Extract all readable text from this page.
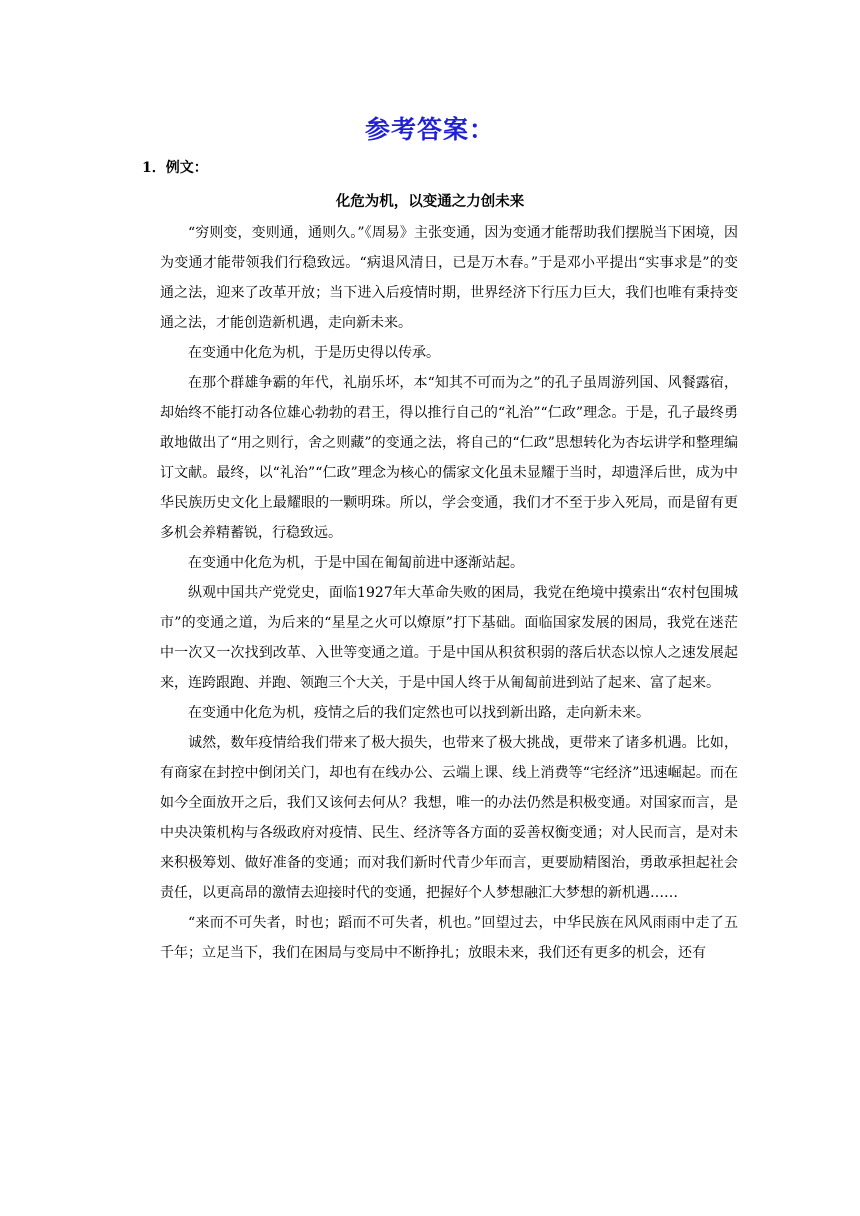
参考答案：
1．例文：
化危为机，以变通之力创未来

“穷则变，变则通，通则久。”《周易》主张变通，因为变通才能帮助我们摆脱当下困境，因为变通才能带领我们行稳致远。“病退风清日，已是万木春。”于是邓小平提出“实事求是”的变通之法，迎来了改革开放；当下进入后疫情时期，世界经济下行压力巨大，我们也唯有秉持变通之法，才能创造新机遇，走向新未来。

在变通中化危为机，于是历史得以传承。

在那个群雄争霸的年代，礼崩乐坏，本“知其不可而为之”的孔子虽周游列国、风餐露宿，却始终不能打动各位雄心勃勃的君王，得以推行自己的“礼治”“仁政”理念。于是，孔子最终勇敢地做出了“用之则行，舍之则藏”的变通之法，将自己的“仁政”思想转化为杏坛讲学和整理编订文献。最终，以“礼治”“仁政”理念为核心的儒家文化虽未显耀于当时，却遗泽后世，成为中华民族历史文化上最耀眼的一颗明珠。所以，学会变通，我们才不至于步入死局，而是留有更多机会养精蓄锐，行稳致远。

在变通中化危为机，于是中国在匍匐前进中逐渐站起。

纵观中国共产党党史，面临1927年大革命失败的困局，我党在绝境中摸索出“农村包围城市”的变通之道，为后来的“星星之火可以燎原”打下基础。面临国家发展的困局，我党在迷茫中一次又一次找到改革、入世等变通之道。于是中国从积贫积弱的落后状态以惊人之速发展起来，连跨跟跑、并跑、领跑三个大关，于是中国人终于从匍匐前进到站了起来、富了起来。

在变通中化危为机，疫情之后的我们定然也可以找到新出路，走向新未来。

诚然，数年疫情给我们带来了极大损失，也带来了极大挑战，更带来了诸多机遇。比如，有商家在封控中倒闭关门，却也有在线办公、云端上课、线上消费等“宅经济”迅速崛起。而在如今全面放开之后，我们又该何去何从？我想，唯一的办法仍然是积极变通。对国家而言，是中央决策机构与各级政府对疫情、民生、经济等各方面的妥善权衡变通；对人民而言，是对未来积极筹划、做好准备的变通；而对我们新时代青少年而言，更要励精图治，勇敢承担起社会责任，以更高昂的激情去迎接时代的变通，把握好个人梦想融汇大梦想的新机遇……

“来而不可失者，时也；蹈而不可失者，机也。”回望过去，中华民族在风风雨雨中走了五千年；立足当下，我们在困局与变局中不断挣扎；放眼未来，我们还有更多的机会，还有
